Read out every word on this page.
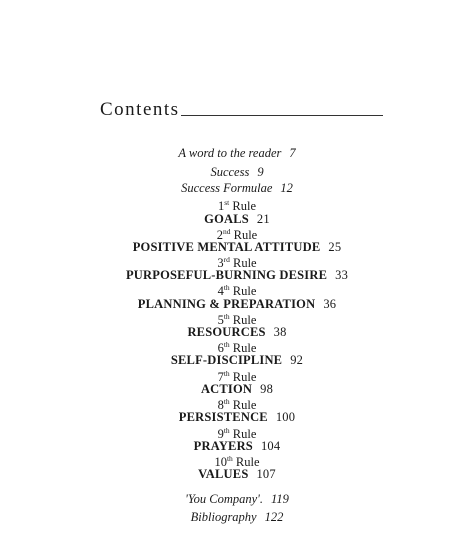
Contents
A word to the reader 7
Success 9
Success Formulae 12
1st Rule
GOALS 21
2nd Rule
POSITIVE MENTAL ATTITUDE 25
3rd Rule
PURPOSEFUL-BURNING DESIRE 33
4th Rule
PLANNING & PREPARATION 36
5th Rule
RESOURCES 38
6th Rule
SELF-DISCIPLINE 92
7th Rule
ACTION 98
8th Rule
PERSISTENCE 100
9th Rule
PRAYERS 104
10th Rule
VALUES 107
'You Company'. 119
Bibliography 122
